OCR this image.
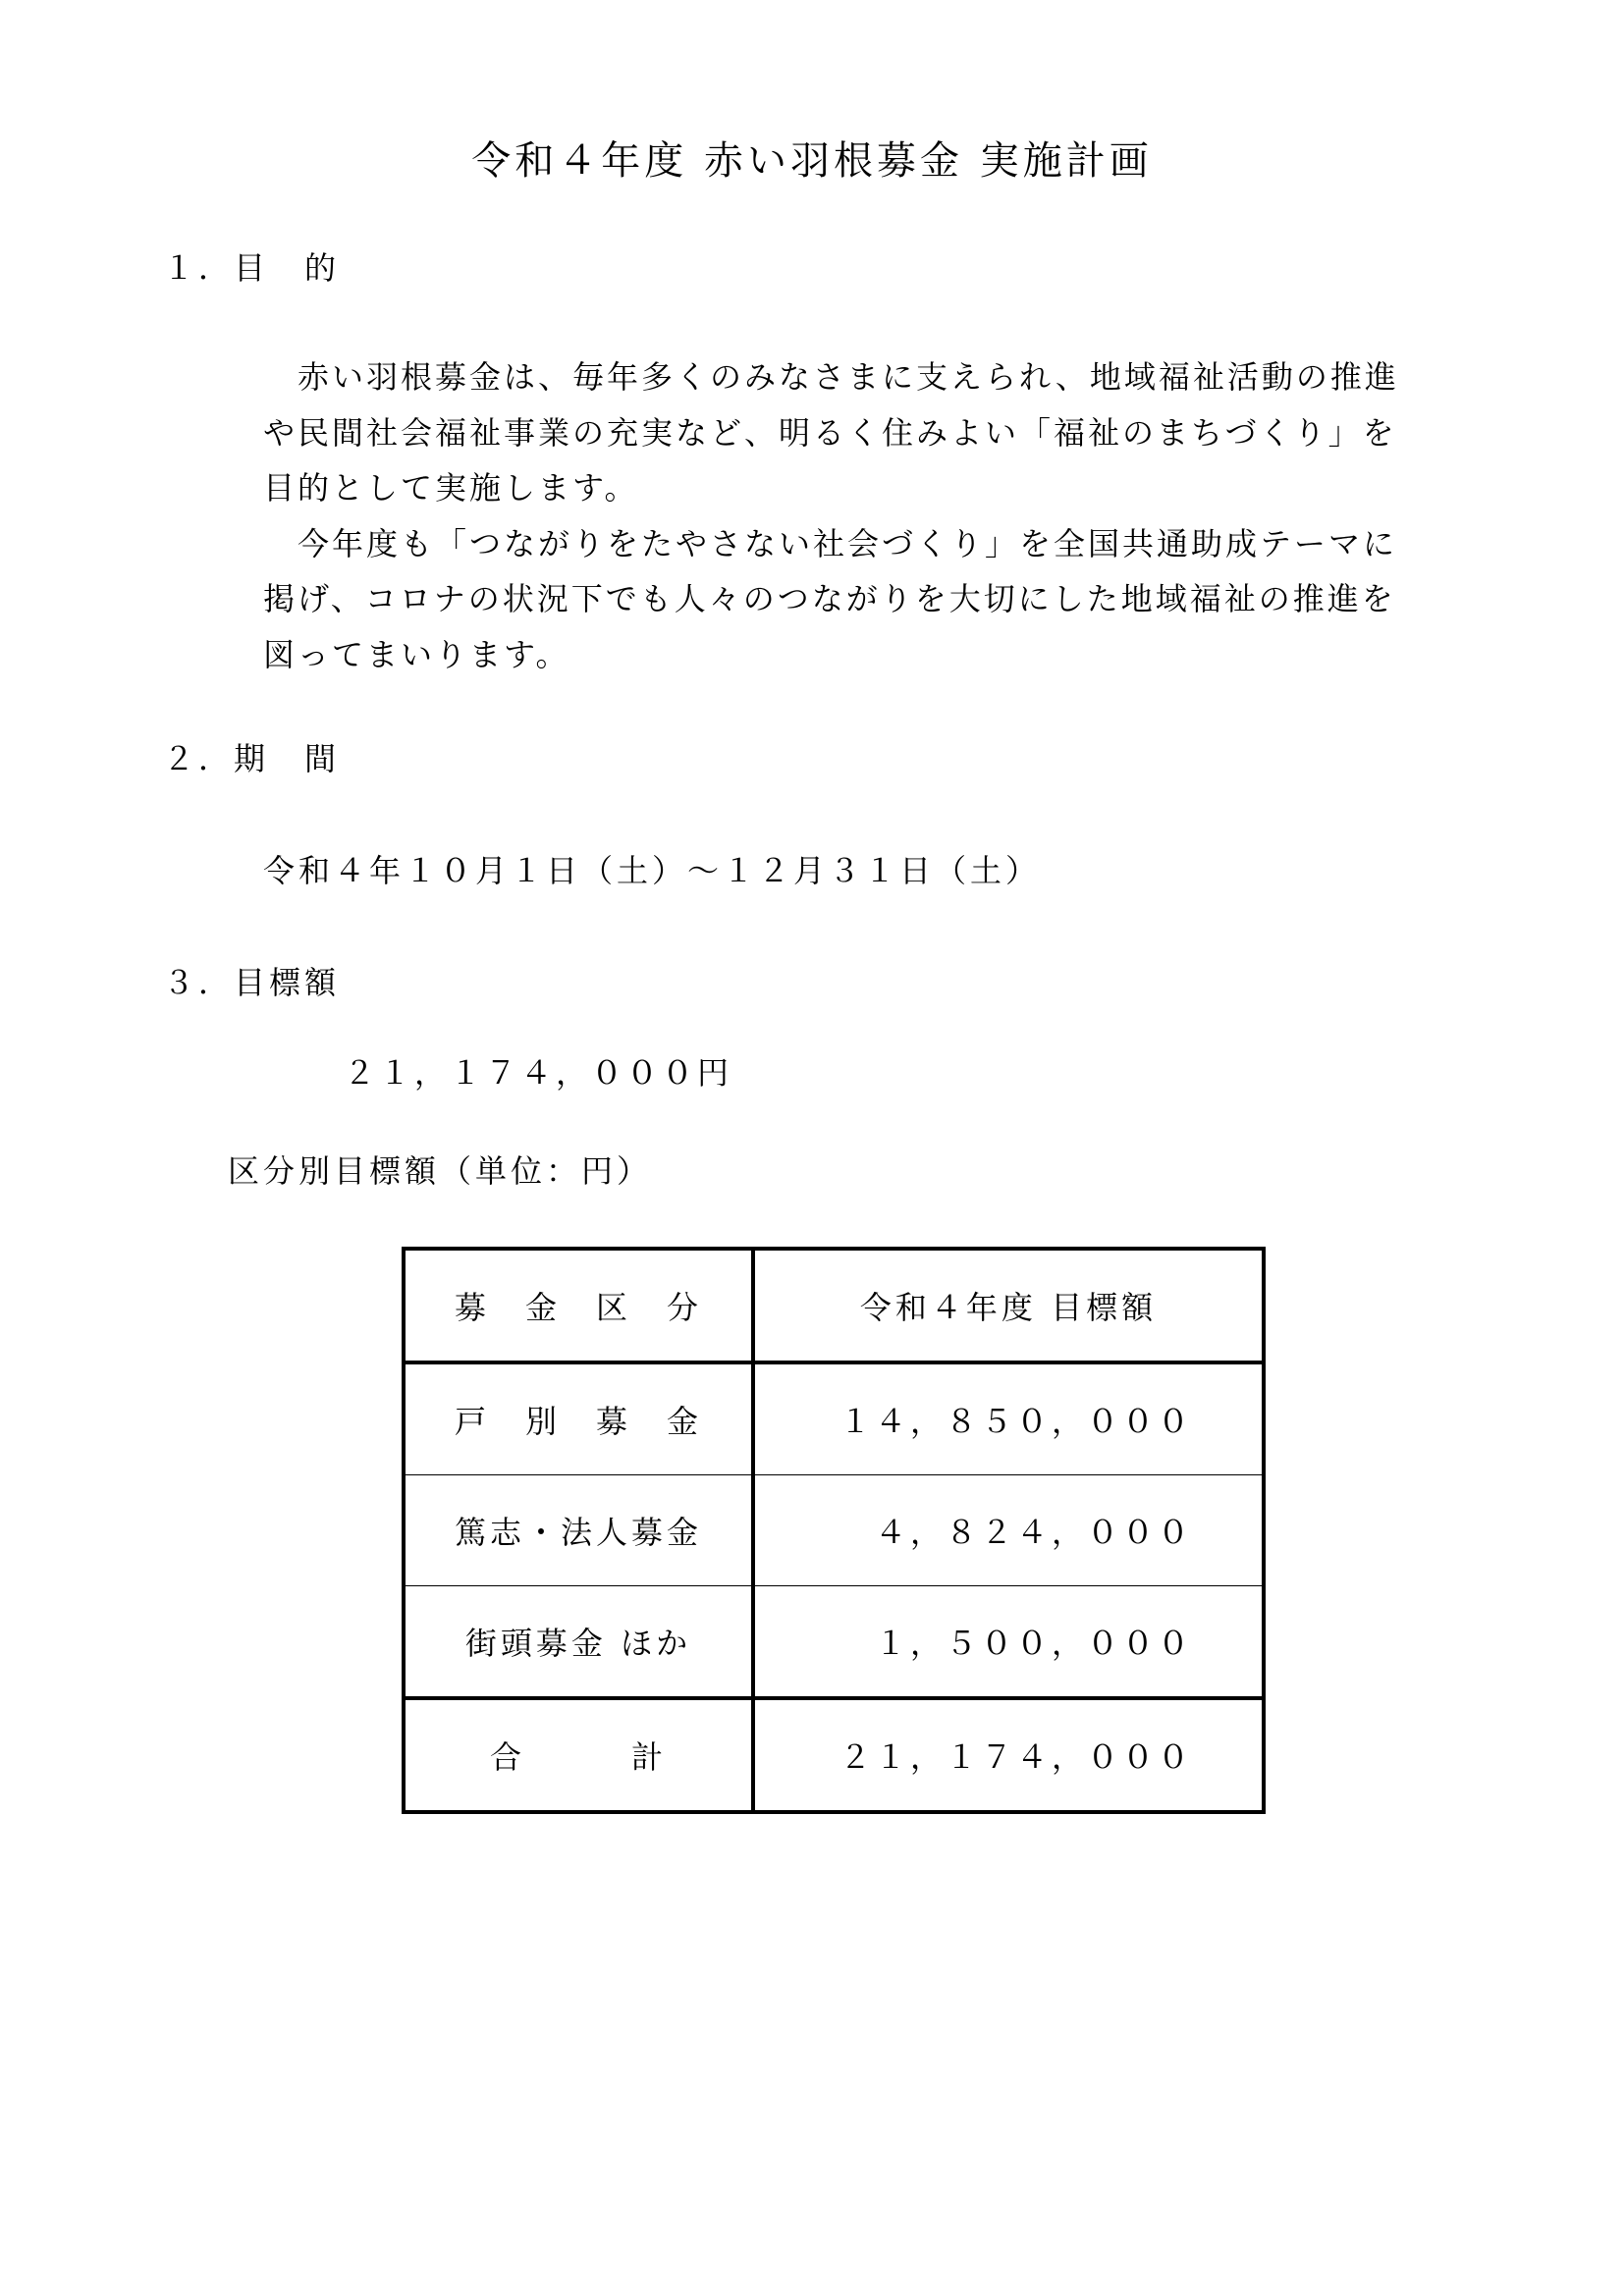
令和４年度 赤い羽根募金 実施計画
１．目　的
　赤い羽根募金は、毎年多くのみなさまに支えられ、地域福祉活動の推進
や民間社会福祉事業の充実など、明るく住みよい「福祉のまちづくり」を
目的として実施します。
　今年度も「つながりをたやさない社会づくり」を全国共通助成テーマに
掲げ、コロナの状況下でも人々のつながりを大切にした地域福祉の推進を
図ってまいります。
２．期　間
令和４年１０月１日（土）～１２月３１日（土）
３．目標額
２１，１７４，０００円
区分別目標額（単位：円）
募　金　区　分	令和４年度 目標額
戸　別　募　金	１４，８５０，０００
篤志・法人募金	４，８２４，０００
街頭募金 ほか	１，５００，０００
合　　　計	２１，１７４，０００
